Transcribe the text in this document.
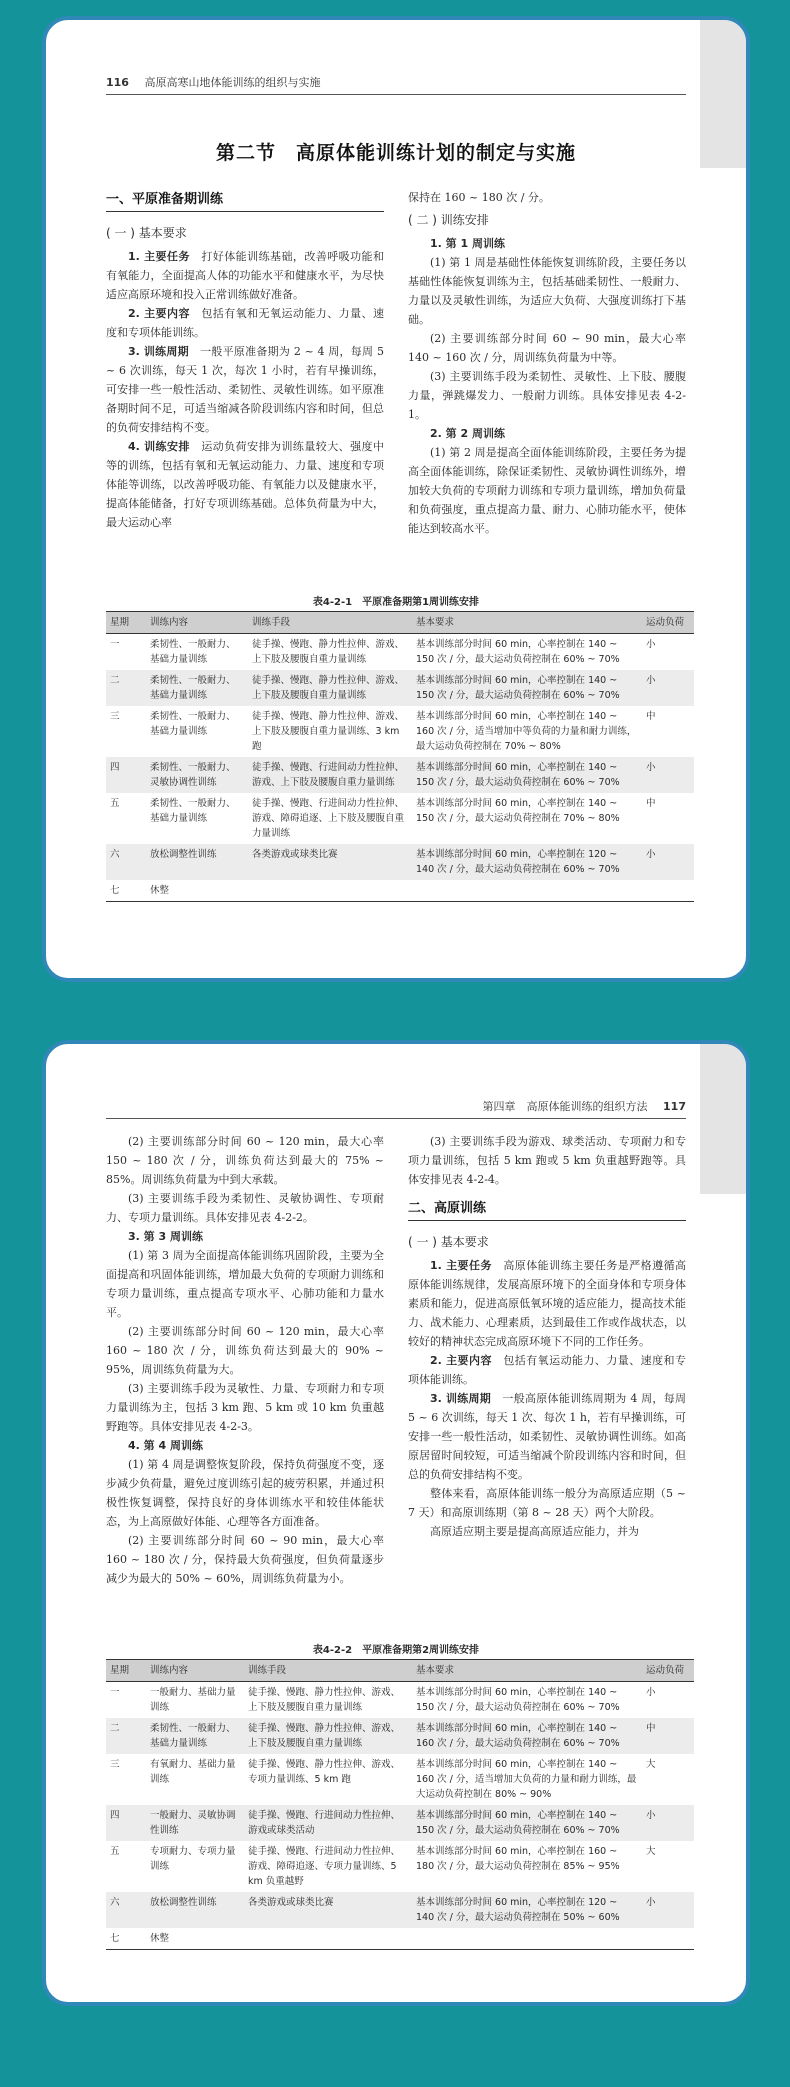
116 高原高寒山地体能训练的组织与实施
第二节　高原体能训练计划的制定与实施
一、平原准备期训练
( 一 ) 基本要求

1. 主要任务　 打好体能训练基础，改善呼吸功能和有氧能力，全面提高人体的功能水平和健康水平，为尽快适应高原环境和投入正常训练做好准备。

2. 主要内容　 包括有氧和无氧运动能力、力量、速度和专项体能训练。

3. 训练周期　 一般平原准备期为 2 ~ 4 周，每周 5 ~ 6 次训练，每天 1 次，每次 1 小时，若有早操训练，可安排一些一般性活动、柔韧性、灵敏性训练。如平原准备期时间不足，可适当缩减各阶段训练内容和时间，但总的负荷安排结构不变。

4. 训练安排　 运动负荷安排为训练量较大、强度中等的训练，包括有氧和无氧运动能力、力量、速度和专项体能等训练，以改善呼吸功能、有氧能力以及健康水平，提高体能储备，打好专项训练基础。总体负荷量为中大，最大运动心率

保持在 160 ~ 180 次 / 分。

( 二 ) 训练安排
1. 第 1 周训练

(1) 第 1 周是基础性体能恢复训练阶段，主要任务以基础性体能恢复训练为主，包括基础柔韧性、一般耐力、力量以及灵敏性训练，为适应大负荷、大强度训练打下基础。

(2) 主要训练部分时间 60 ~ 90 min，最大心率 140 ~ 160 次 / 分，周训练负荷量为中等。

(3) 主要训练手段为柔韧性、灵敏性、上下肢、腰腹力量，弹跳爆发力、一般耐力训练。具体安排见表 4-2-1。

2. 第 2 周训练

(1) 第 2 周是提高全面体能训练阶段，主要任务为提高全面体能训练，除保证柔韧性、灵敏协调性训练外，增加较大负荷的专项耐力训练和专项力量训练，增加负荷量和负荷强度，重点提高力量、耐力、心肺功能水平，使体能达到较高水平。

表4-2-1　平原准备期第1周训练安排
星期	训练内容	训练手段	基本要求	运动负荷
一	柔韧性、一般耐力、基础力量训练	徒手操、慢跑、静力性拉伸、游戏、上下肢及腰腹自重力量训练	基本训练部分时间 60 min，心率控制在 140 ~ 150 次 / 分，最大运动负荷控制在 60% ~ 70%	小
二	柔韧性、一般耐力、基础力量训练	徒手操、慢跑、静力性拉伸、游戏、上下肢及腰腹自重力量训练	基本训练部分时间 60 min，心率控制在 140 ~ 150 次 / 分，最大运动负荷控制在 60% ~ 70%	小
三	柔韧性、一般耐力、基础力量训练	徒手操、慢跑、静力性拉伸、游戏、上下肢及腰腹自重力量训练、3 km 跑	基本训练部分时间 60 min，心率控制在 140 ~ 160 次 / 分，适当增加中等负荷的力量和耐力训练，最大运动负荷控制在 70% ~ 80%	中
四	柔韧性、一般耐力、灵敏协调性训练	徒手操、慢跑、行进间动力性拉伸、游戏、上下肢及腰腹自重力量训练	基本训练部分时间 60 min，心率控制在 140 ~ 150 次 / 分，最大运动负荷控制在 60% ~ 70%	小
五	柔韧性、一般耐力、基础力量训练	徒手操、慢跑、行进间动力性拉伸、游戏、障碍追逐、上下肢及腰腹自重力量训练	基本训练部分时间 60 min，心率控制在 140 ~ 150 次 / 分，最大运动负荷控制在 70% ~ 80%	中
六	放松调整性训练	各类游戏或球类比赛	基本训练部分时间 60 min，心率控制在 120 ~ 140 次 / 分，最大运动负荷控制在 60% ~ 70%	小
七	休整			
第四章　高原体能训练的组织方法 117

(2) 主要训练部分时间 60 ~ 120 min，最大心率 150 ~ 180 次 / 分，训练负荷达到最大的 75% ~ 85%。周训练负荷量为中到大承载。

(3) 主要训练手段为柔韧性、灵敏协调性、专项耐力、专项力量训练。具体安排见表 4-2-2。

3. 第 3 周训练

(1) 第 3 周为全面提高体能训练巩固阶段，主要为全面提高和巩固体能训练，增加最大负荷的专项耐力训练和专项力量训练，重点提高专项水平、心肺功能和力量水平。

(2) 主要训练部分时间 60 ~ 120 min，最大心率 160 ~ 180 次 / 分，训练负荷达到最大的 90% ~ 95%，周训练负荷量为大。

(3) 主要训练手段为灵敏性、力量、专项耐力和专项力量训练为主，包括 3 km 跑、5 km 或 10 km 负重越野跑等。具体安排见表 4-2-3。

4. 第 4 周训练

(1) 第 4 周是调整恢复阶段，保持负荷强度不变，逐步减少负荷量，避免过度训练引起的疲劳积累，并通过积极性恢复调整，保持良好的身体训练水平和较佳体能状态，为上高原做好体能、心理等各方面准备。

(2) 主要训练部分时间 60 ~ 90 min，最大心率 160 ~ 180 次 / 分，保持最大负荷强度，但负荷量逐步减少为最大的 50% ~ 60%，周训练负荷量为小。

(3) 主要训练手段为游戏、球类活动、专项耐力和专项力量训练，包括 5 km 跑或 5 km 负重越野跑等。具体安排见表 4-2-4。

二、高原训练
( 一 ) 基本要求

1. 主要任务　 高原体能训练主要任务是严格遵循高原体能训练规律，发展高原环境下的全面身体和专项身体素质和能力，促进高原低氧环境的适应能力，提高技术能力、战术能力、心理素质，达到最佳工作或作战状态，以较好的精神状态完成高原环境下不同的工作任务。

2. 主要内容　 包括有氧运动能力、力量、速度和专项体能训练。

3. 训练周期　 一般高原体能训练周期为 4 周，每周 5 ~ 6 次训练，每天 1 次、每次 1 h，若有早操训练，可安排一些一般性活动，如柔韧性、灵敏协调性训练。如高原居留时间较短，可适当缩减个阶段训练内容和时间，但总的负荷安排结构不变。

整体来看，高原体能训练一般分为高原适应期（5 ~ 7 天）和高原训练期（第 8 ~ 28 天）两个大阶段。

高原适应期主要是提高高原适应能力，并为

表4-2-2　平原准备期第2周训练安排
星期	训练内容	训练手段	基本要求	运动负荷
一	一般耐力、基础力量训练	徒手操、慢跑、静力性拉伸、游戏、上下肢及腰腹自重力量训练	基本训练部分时间 60 min，心率控制在 140 ~ 150 次 / 分，最大运动负荷控制在 60% ~ 70%	小
二	柔韧性、一般耐力、基础力量训练	徒手操、慢跑、静力性拉伸、游戏、上下肢及腰腹自重力量训练	基本训练部分时间 60 min，心率控制在 140 ~ 160 次 / 分，最大运动负荷控制在 60% ~ 70%	中
三	有氧耐力、基础力量训练	徒手操、慢跑、静力性拉伸、游戏、专项力量训练、5 km 跑	基本训练部分时间 60 min，心率控制在 140 ~ 160 次 / 分，适当增加大负荷的力量和耐力训练，最大运动负荷控制在 80% ~ 90%	大
四	一般耐力、灵敏协调性训练	徒手操、慢跑、行进间动力性拉伸、游戏或球类活动	基本训练部分时间 60 min，心率控制在 140 ~ 150 次 / 分，最大运动负荷控制在 60% ~ 70%	小
五	专项耐力、专项力量训练	徒手操、慢跑、行进间动力性拉伸、游戏、障碍追逐、专项力量训练、5 km 负重越野	基本训练部分时间 60 min，心率控制在 160 ~ 180 次 / 分，最大运动负荷控制在 85% ~ 95%	大
六	放松调整性训练	各类游戏或球类比赛	基本训练部分时间 60 min，心率控制在 120 ~ 140 次 / 分，最大运动负荷控制在 50% ~ 60%	小
七	休整			
